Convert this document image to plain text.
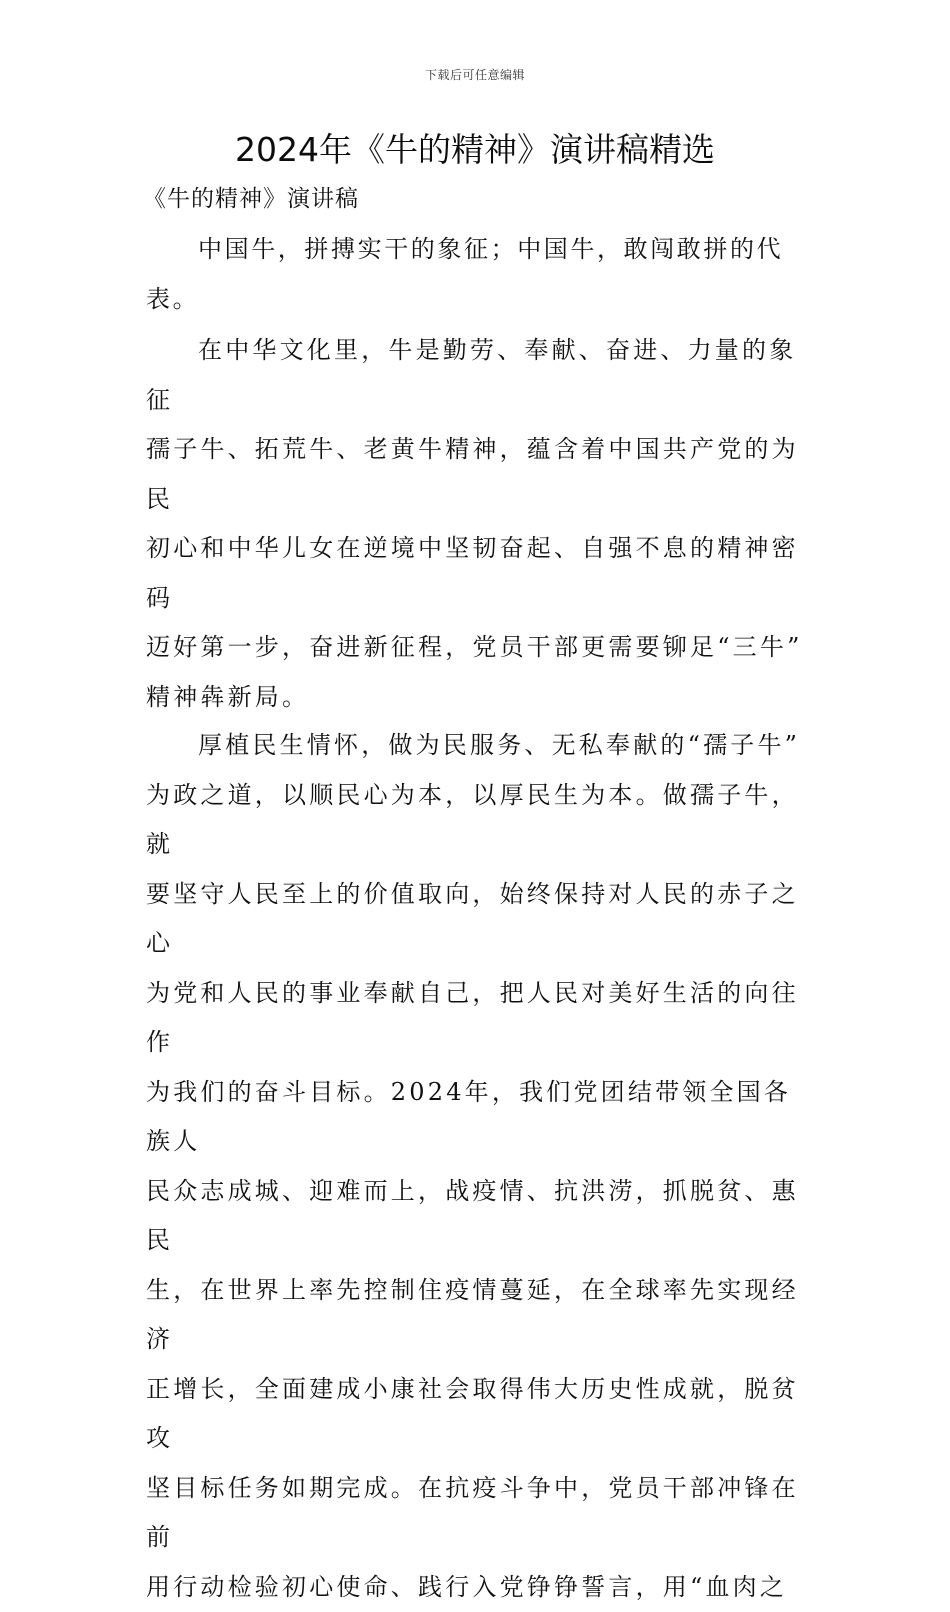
下载后可任意编辑
2024年《牛的精神》演讲稿精选
《牛的精神》演讲稿

中国牛，拼搏实干的象征；中国牛，敢闯敢拼的代表。

在中华文化里，牛是勤劳、奉献、奋进、力量的象征
孺子牛、拓荒牛、老黄牛精神，蕴含着中国共产党的为民
初心和中华儿女在逆境中坚韧奋起、自强不息的精神密码
迈好第一步，奋进新征程，党员干部更需要铆足“三牛”
精神犇新局。

厚植民生情怀，做为民服务、无私奉献的“孺子牛”
为政之道，以顺民心为本，以厚民生为本。做孺子牛，就
要坚守人民至上的价值取向，始终保持对人民的赤子之心
为党和人民的事业奉献自己，把人民对美好生活的向往作
为我们的奋斗目标。2024年，我们党团结带领全国各族人
民众志成城、迎难而上，战疫情、抗洪涝，抓脱贫、惠民
生，在世界上率先控制住疫情蔓延，在全球率先实现经济
正增长，全面建成小康社会取得伟大历史性成就，脱贫攻
坚目标任务如期完成。在抗疫斗争中，党员干部冲锋在前
用行动检验初心使命、践行入党铮铮誓言，用“血肉之
